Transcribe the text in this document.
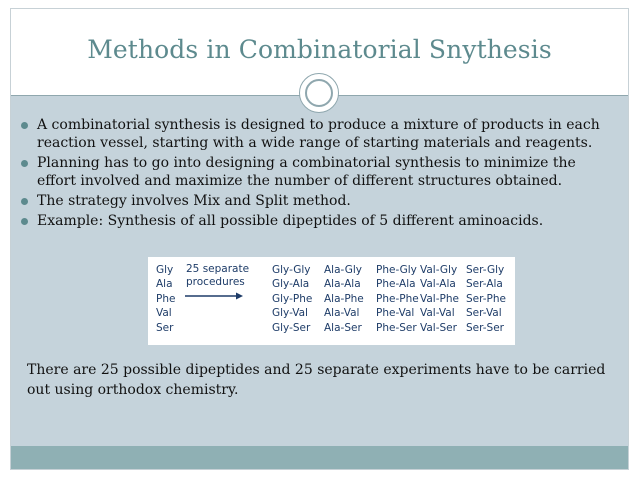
Methods in Combinatorial Snythesis
A combinatorial synthesis is designed to produce a mixture of products in each reaction vessel, starting with a wide range of starting materials and reagents.
Planning has to go into designing a combinatorial synthesis to minimize the effort involved and maximize the number of different structures obtained.
The strategy involves Mix and Split method.
Example: Synthesis of all possible dipeptides of 5 different aminoacids.
Gly
Ala
Phe
Val
Ser
25 separate
procedures
Gly-Gly
Gly-Ala
Gly-Phe
Gly-Val
Gly-Ser
Ala-Gly
Ala-Ala
Ala-Phe
Ala-Val
Ala-Ser
Phe-Gly
Phe-Ala
Phe-Phe
Phe-Val
Phe-Ser
Val-Gly
Val-Ala
Val-Phe
Val-Val
Val-Ser
Ser-Gly
Ser-Ala
Ser-Phe
Ser-Val
Ser-Ser
There are 25 possible dipeptides and 25 separate experiments have to be carried out using orthodox chemistry.
